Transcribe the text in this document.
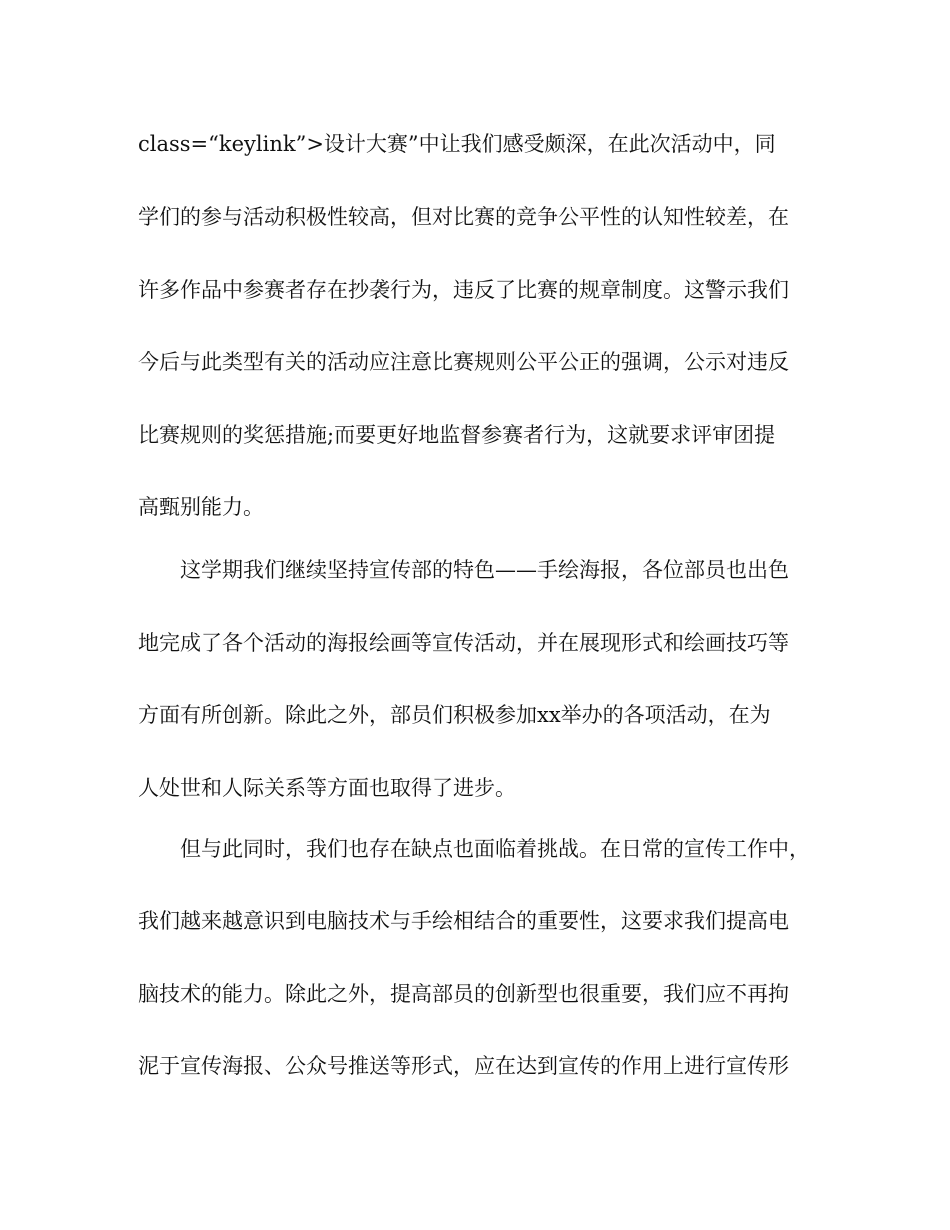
class=“keylink”>设计大赛”中让我们感受颇深，在此次活动中，同
学们的参与活动积极性较高，但对比赛的竞争公平性的认知性较差，在
许多作品中参赛者存在抄袭行为，违反了比赛的规章制度。这警示我们
今后与此类型有关的活动应注意比赛规则公平公正的强调，公示对违反
比赛规则的奖惩措施;而要更好地监督参赛者行为，这就要求评审团提
高甄别能力。
这学期我们继续坚持宣传部的特色——手绘海报，各位部员也出色
地完成了各个活动的海报绘画等宣传活动，并在展现形式和绘画技巧等
方面有所创新。除此之外，部员们积极参加xx举办的各项活动，在为
人处世和人际关系等方面也取得了进步。
但与此同时，我们也存在缺点也面临着挑战。在日常的宣传工作中，
我们越来越意识到电脑技术与手绘相结合的重要性，这要求我们提高电
脑技术的能力。除此之外，提高部员的创新型也很重要，我们应不再拘
泥于宣传海报、公众号推送等形式，应在达到宣传的作用上进行宣传形
